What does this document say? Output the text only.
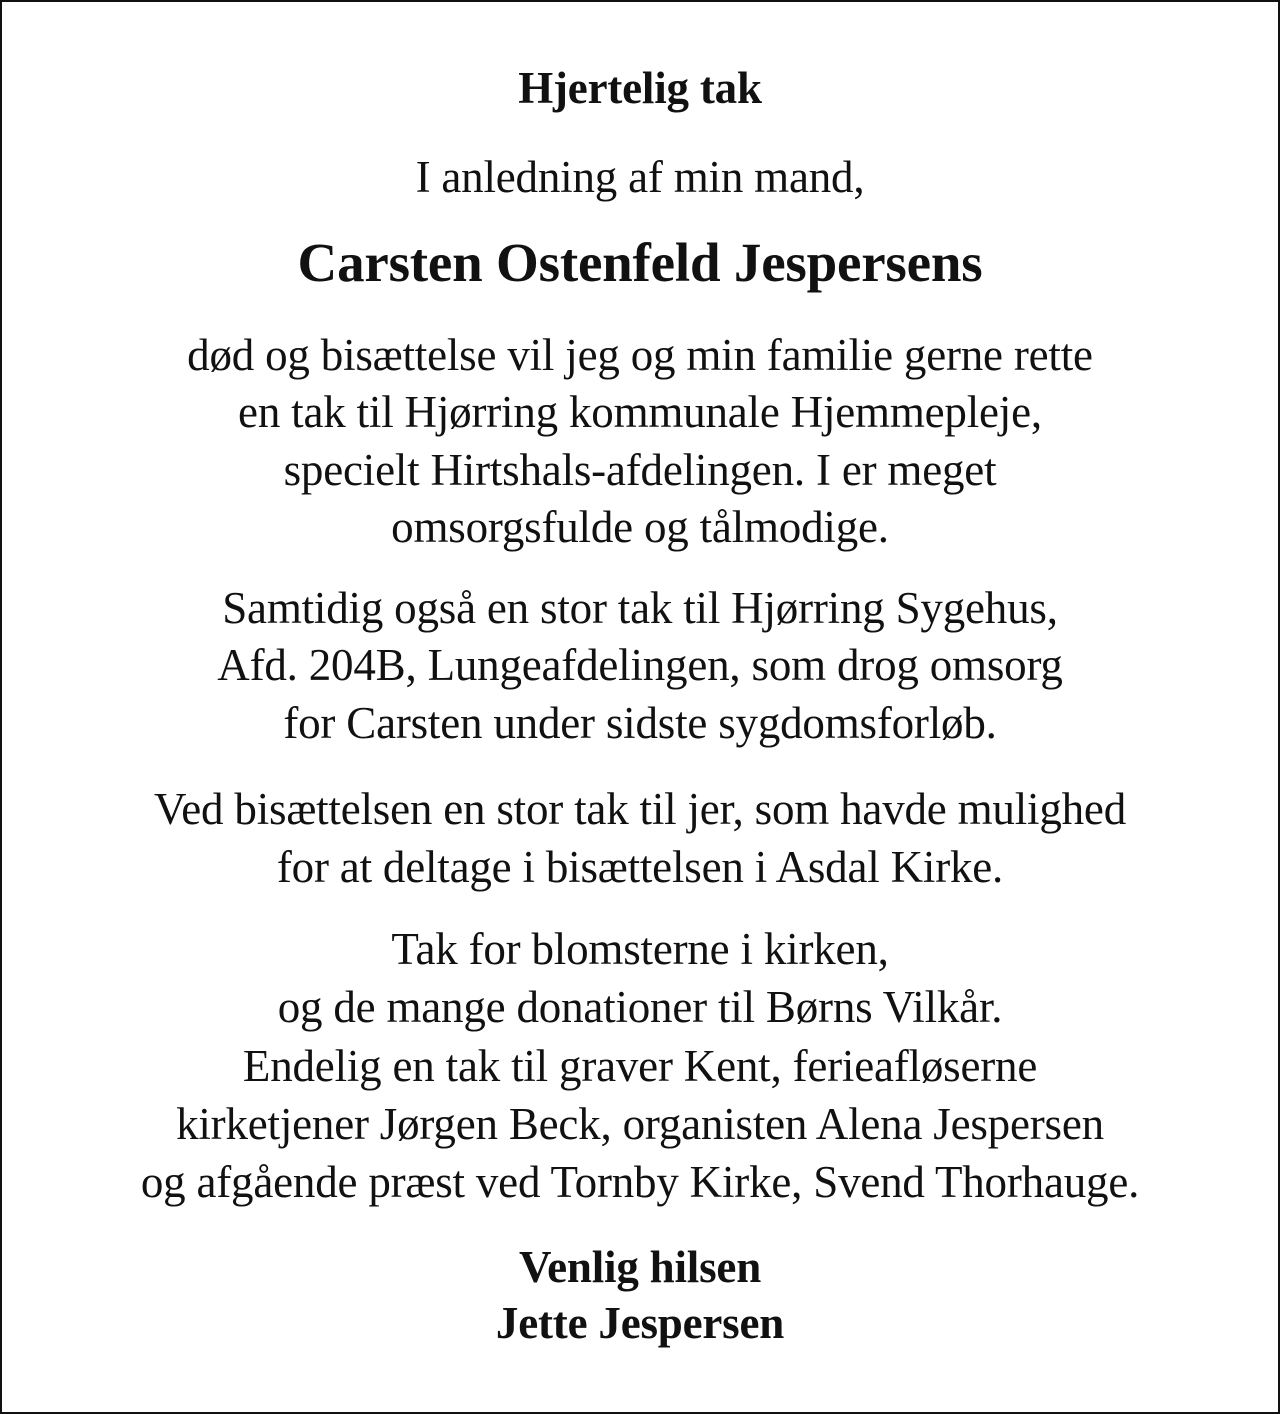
Hjertelig tak
I anledning af min mand,
Carsten Ostenfeld Jespersens
død og bisættelse vil jeg og min familie gerne rette
en tak til Hjørring kommunale Hjemmepleje,
specielt Hirtshals-afdelingen. I er meget
omsorgsfulde og tålmodige.
Samtidig også en stor tak til Hjørring Sygehus,
Afd. 204B, Lungeafdelingen, som drog omsorg
for Carsten under sidste sygdomsforløb.
Ved bisættelsen en stor tak til jer, som havde mulighed
for at deltage i bisættelsen i Asdal Kirke.
Tak for blomsterne i kirken,
og de mange donationer til Børns Vilkår.
Endelig en tak til graver Kent, ferieafløserne
kirketjener Jørgen Beck, organisten Alena Jespersen
og afgående præst ved Tornby Kirke, Svend Thorhauge.
Venlig hilsen
Jette Jespersen
